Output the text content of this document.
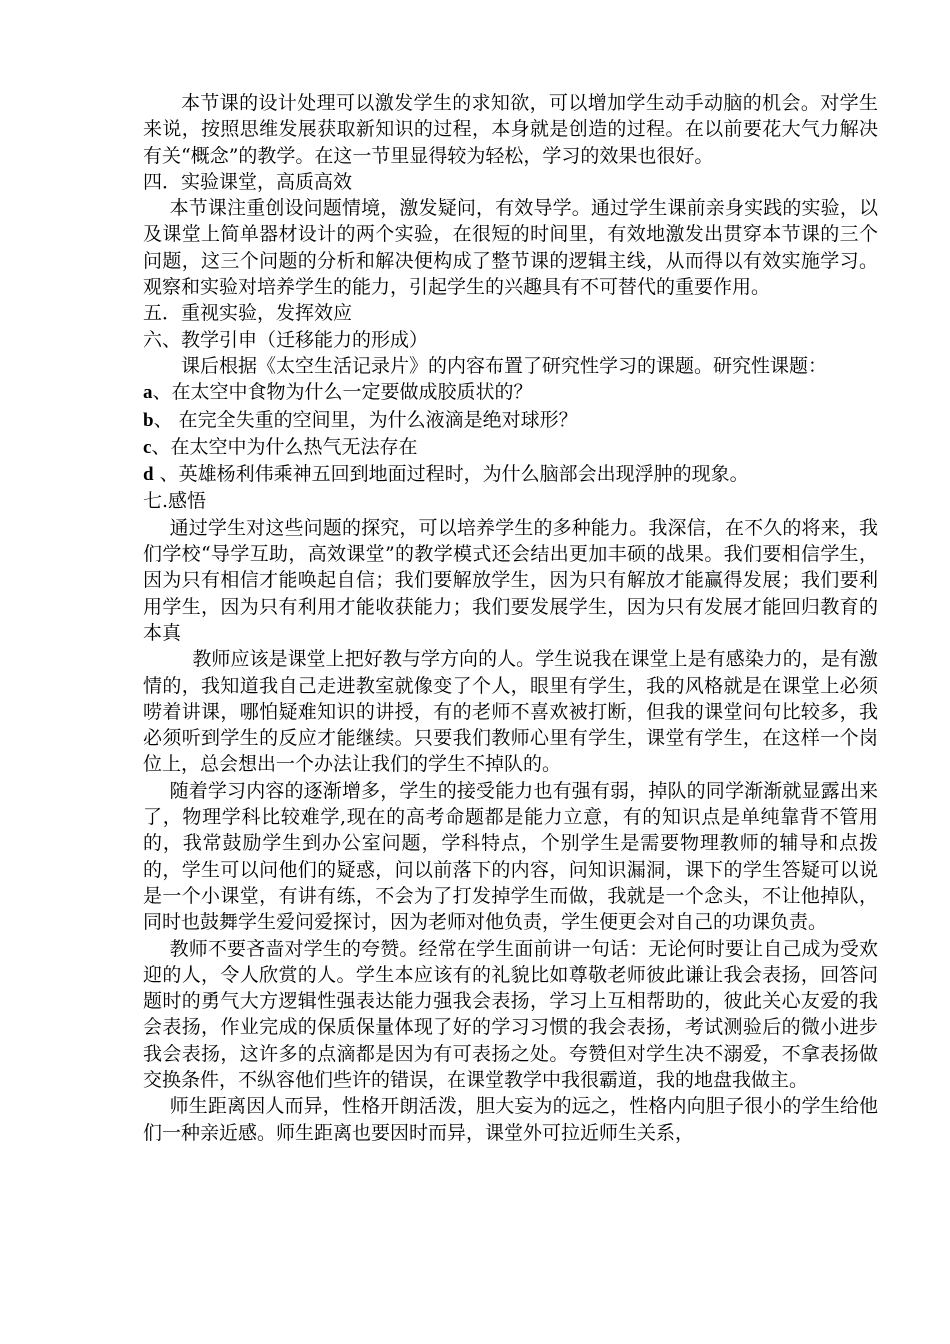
本节课的设计处理可以激发学生的求知欲，可以增加学生动手动脑的机会。对学生来说，按照思维发展获取新知识的过程，本身就是创造的过程。在以前要花大气力解决有关“概念”的教学。在这一节里显得较为轻松，学习的效果也很好。

四．实验课堂，高质高效

本节课注重创设问题情境，激发疑问，有效导学。通过学生课前亲身实践的实验，以及课堂上简单器材设计的两个实验，在很短的时间里，有效地激发出贯穿本节课的三个问题，这三个问题的分析和解决便构成了整节课的逻辑主线，从而得以有效实施学习。观察和实验对培养学生的能力，引起学生的兴趣具有不可替代的重要作用。

五．重视实验，发挥效应

六、教学引申（迁移能力的形成）

课后根据《太空生活记录片》的内容布置了研究性学习的课题。研究性课题：

a、在太空中食物为什么一定要做成胶质状的？

b、 在完全失重的空间里，为什么液滴是绝对球形？

c、在太空中为什么热气无法存在

d 、英雄杨利伟乘神五回到地面过程时，为什么脑部会出现浮肿的现象。

七.感悟

通过学生对这些问题的探究，可以培养学生的多种能力。我深信，在不久的将来，我们学校“导学互助，高效课堂”的教学模式还会结出更加丰硕的战果。我们要相信学生，因为只有相信才能唤起自信；我们要解放学生，因为只有解放才能赢得发展；我们要利用学生，因为只有利用才能收获能力；我们要发展学生，因为只有发展才能回归教育的本真

教师应该是课堂上把好教与学方向的人。学生说我在课堂上是有感染力的，是有激情的，我知道我自己走进教室就像变了个人，眼里有学生，我的风格就是在课堂上必须唠着讲课，哪怕疑难知识的讲授，有的老师不喜欢被打断，但我的课堂问句比较多，我必须听到学生的反应才能继续。只要我们教师心里有学生，课堂有学生，在这样一个岗位上，总会想出一个办法让我们的学生不掉队的。

随着学习内容的逐渐增多，学生的接受能力也有强有弱，掉队的同学渐渐就显露出来了，物理学科比较难学,现在的高考命题都是能力立意，有的知识点是单纯靠背不管用的，我常鼓励学生到办公室问题，学科特点，个别学生是需要物理教师的辅导和点拨的，学生可以问他们的疑惑，问以前落下的内容，问知识漏洞，课下的学生答疑可以说是一个小课堂，有讲有练，不会为了打发掉学生而做，我就是一个念头，不让他掉队，同时也鼓舞学生爱问爱探讨，因为老师对他负责，学生便更会对自己的功课负责。

教师不要吝啬对学生的夸赞。经常在学生面前讲一句话：无论何时要让自己成为受欢迎的人，令人欣赏的人。学生本应该有的礼貌比如尊敬老师彼此谦让我会表扬，回答问题时的勇气大方逻辑性强表达能力强我会表扬，学习上互相帮助的，彼此关心友爱的我会表扬，作业完成的保质保量体现了好的学习习惯的我会表扬，考试测验后的微小进步我会表扬，这许多的点滴都是因为有可表扬之处。夸赞但对学生决不溺爱，不拿表扬做交换条件，不纵容他们些许的错误，在课堂教学中我很霸道，我的地盘我做主。

师生距离因人而异，性格开朗活泼，胆大妄为的远之，性格内向胆子很小的学生给他们一种亲近感。师生距离也要因时而异，课堂外可拉近师生关系，
